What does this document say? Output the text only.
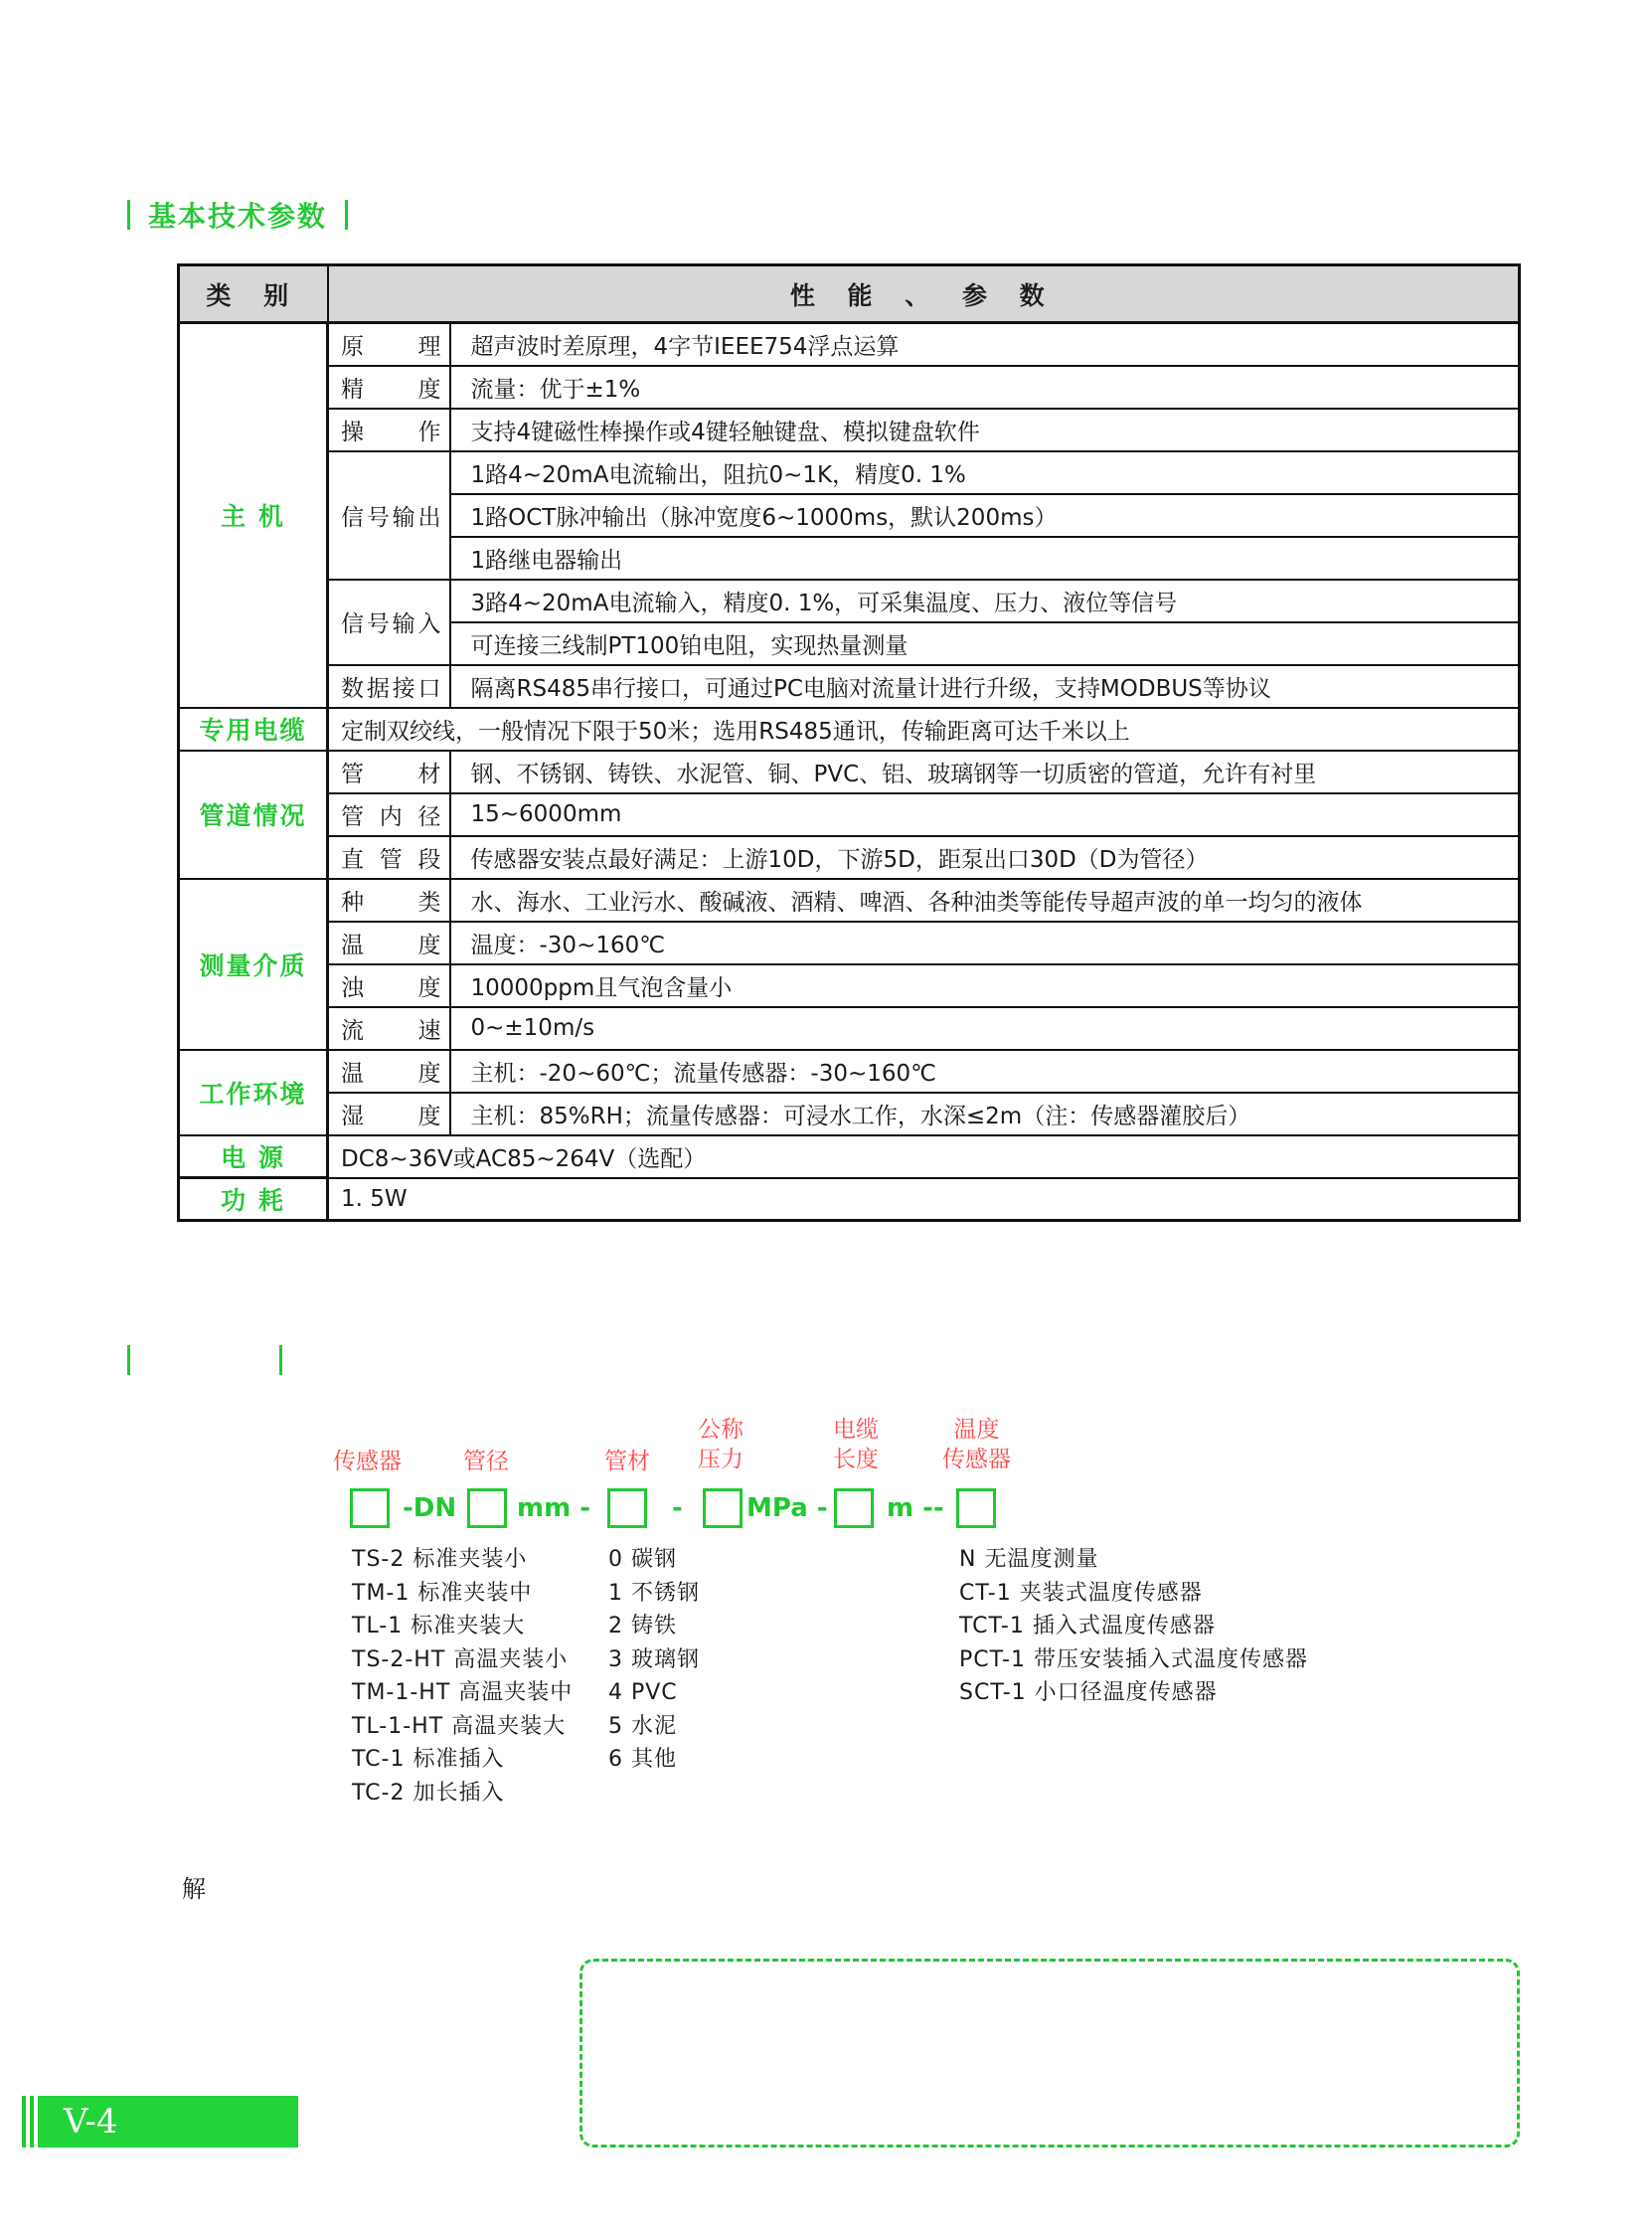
基本技术参数
类 别	性 能 、 参 数	
主 机	原 理	超声波时差原理，4字节IEEE754浮点运算
	精 度	流量：优于±1%
	操 作	支持4键磁性棒操作或4键轻触键盘、模拟键盘软件
	信号输出	1路4~20mA电流输出，阻抗0~1K，精度0. 1%
		1路OCT脉冲输出（脉冲宽度6~1000ms，默认200ms）
		1路继电器输出
	信号输入	3路4~20mA电流输入，精度0. 1%，可采集温度、压力、液位等信号
		可连接三线制PT100铂电阻，实现热量测量
	数据接口	隔离RS485串行接口，可通过PC电脑对流量计进行升级，支持MODBUS等协议
专用电缆	定制双绞线，一般情况下限于50米；选用RS485通讯，传输距离可达千米以上	
管道情况	管 材	钢、不锈钢、铸铁、水泥管、铜、PVC、铝、玻璃钢等一切质密的管道，允许有衬里
	管内径	15~6000mm
	直管段	传感器安装点最好满足：上游10D，下游5D，距泵出口30D（D为管径）
测量介质	种 类	水、海水、工业污水、酸碱液、酒精、啤酒、各种油类等能传导超声波的单一均匀的液体
	温 度	温度：-30~160℃
	浊 度	10000ppm且气泡含量小
	流 速	0~±10m/s
工作环境	温 度	主机：-20~60℃；流量传感器：-30~160℃
	湿 度	主机：85%RH；流量传感器：可浸水工作，水深≤2m（注：传感器灌胶后）
电 源	DC8~36V或AC85~264V（选配）	
功 耗	1. 5W	
传感器	管径	管材
公称
压力
电缆
长度
温度
传感器
-DN mm -	- MPa - m --
TS-2 标准夹装小
TM-1 标准夹装中
TL-1 标准夹装大
TS-2-HT 高温夹装小
TM-1-HT 高温夹装中
TL-1-HT 高温夹装大
TC-1 标准插入
TC-2 加长插入
0 碳钢
1 不锈钢
2 铸铁
3 玻璃钢
4 PVC
5 水泥
6 其他
N 无温度测量
CT-1 夹装式温度传感器
TCT-1 插入式温度传感器
PCT-1 带压安装插入式温度传感器
SCT-1 小口径温度传感器
解
V-4
